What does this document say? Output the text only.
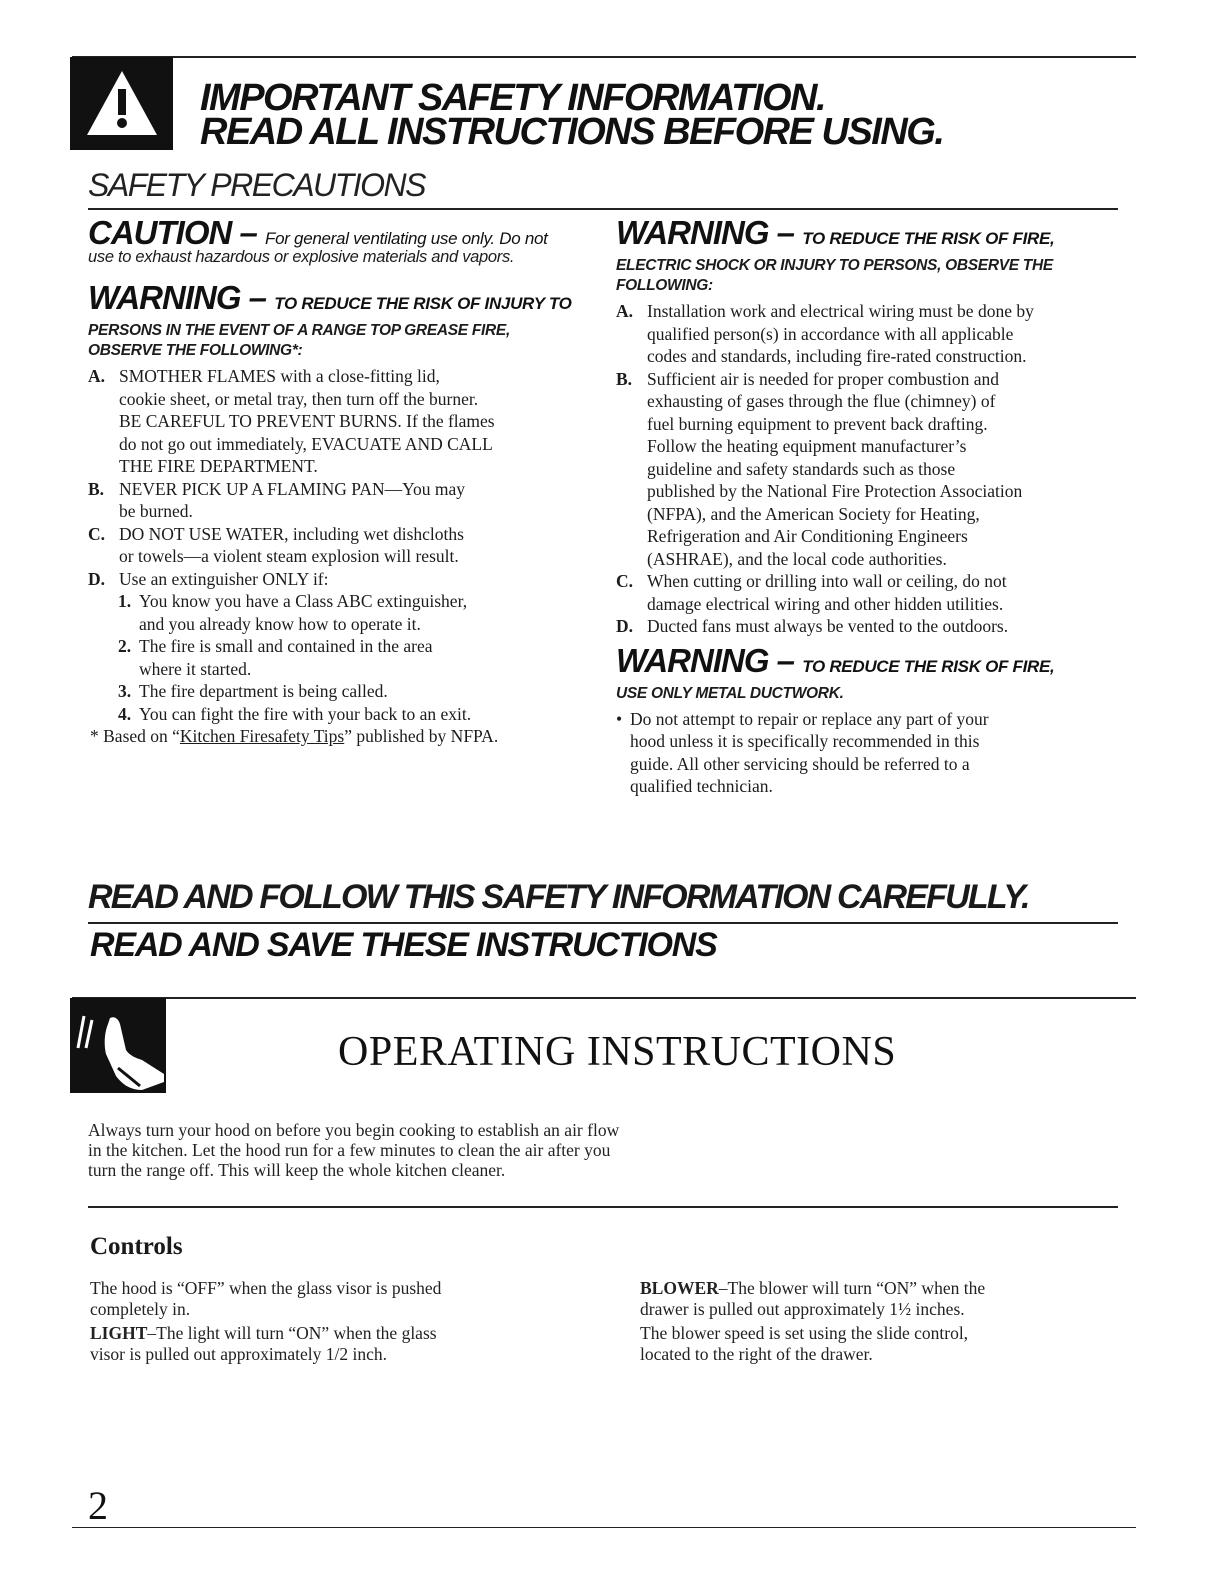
IMPORTANT SAFETY INFORMATION.
READ ALL INSTRUCTIONS BEFORE USING.
SAFETY PRECAUTIONS
CAUTION – For general ventilating use only. Do not
use to exhaust hazardous or explosive materials and vapors.
WARNING – TO REDUCE THE RISK OF INJURY TO
PERSONS IN THE EVENT OF A RANGE TOP GREASE FIRE,
OBSERVE THE FOLLOWING*:
A. SMOTHER FLAMES with a close-fitting lid,
cookie sheet, or metal tray, then turn off the burner.
BE CAREFUL TO PREVENT BURNS. If the flames
do not go out immediately, EVACUATE AND CALL
THE FIRE DEPARTMENT.
B. NEVER PICK UP A FLAMING PAN—You may
be burned.
C. DO NOT USE WATER, including wet dishcloths
or towels—a violent steam explosion will result.
D. Use an extinguisher ONLY if:
1. You know you have a Class ABC extinguisher,
and you already know how to operate it.
2. The fire is small and contained in the area
where it started.
3. The fire department is being called.
4. You can fight the fire with your back to an exit.
* Based on “Kitchen Firesafety Tips” published by NFPA.
WARNING – TO REDUCE THE RISK OF FIRE,
ELECTRIC SHOCK OR INJURY TO PERSONS, OBSERVE THE
FOLLOWING:
A. Installation work and electrical wiring must be done by
qualified person(s) in accordance with all applicable
codes and standards, including fire-rated construction.
B. Sufficient air is needed for proper combustion and
exhausting of gases through the flue (chimney) of
fuel burning equipment to prevent back drafting.
Follow the heating equipment manufacturer’s
guideline and safety standards such as those
published by the National Fire Protection Association
(NFPA), and the American Society for Heating,
Refrigeration and Air Conditioning Engineers
(ASHRAE), and the local code authorities.
C. When cutting or drilling into wall or ceiling, do not
damage electrical wiring and other hidden utilities.
D. Ducted fans must always be vented to the outdoors.
WARNING – TO REDUCE THE RISK OF FIRE,
USE ONLY METAL DUCTWORK.
• Do not attempt to repair or replace any part of your
hood unless it is specifically recommended in this
guide. All other servicing should be referred to a
qualified technician.
READ AND FOLLOW THIS SAFETY INFORMATION CAREFULLY.
READ AND SAVE THESE INSTRUCTIONS
OPERATING INSTRUCTIONS
Always turn your hood on before you begin cooking to establish an air flow
in the kitchen. Let the hood run for a few minutes to clean the air after you
turn the range off. This will keep the whole kitchen cleaner.
Controls
The hood is “OFF” when the glass visor is pushed
completely in.
LIGHT–The light will turn “ON” when the glass
visor is pulled out approximately 1/2 inch.
BLOWER–The blower will turn “ON” when the
drawer is pulled out approximately 1½ inches.
The blower speed is set using the slide control,
located to the right of the drawer.
2
